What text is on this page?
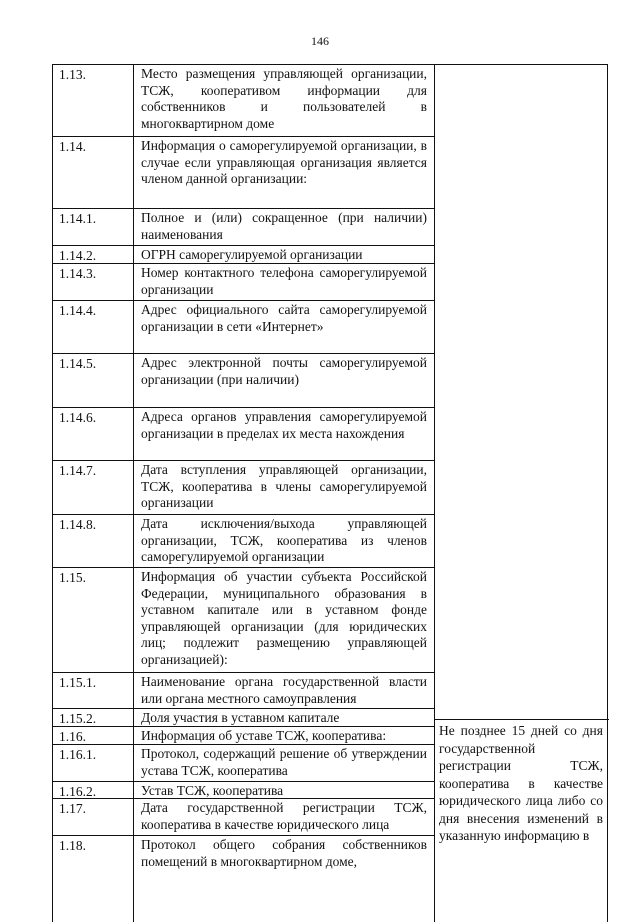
146
1.13.	Место размещения управляющей организации, ТСЖ, кооперативом информации для собственников и пользователей в многоквартирном доме
1.14.	Информация о саморегулируемой организации, в случае если управляющая организация является членом данной организации:
1.14.1.	Полное и (или) сокращенное (при наличии) наименования
1.14.2.	ОГРН саморегулируемой организации
1.14.3.	Номер контактного телефона саморегулируемой организации
1.14.4.	Адрес официального сайта саморегулируемой организации в сети «Интернет»
1.14.5.	Адрес электронной почты саморегулируемой организации (при наличии)
1.14.6.	Адреса органов управления саморегулируемой организации в пределах их места нахождения
1.14.7.	Дата вступления управляющей организации, ТСЖ, кооператива в члены саморегулируемой организации
1.14.8.	Дата исключения/выхода управляющей организации, ТСЖ, кооператива из членов саморегулируемой организации
1.15.	Информация об участии субъекта Российской Федерации, муниципального образования в уставном капитале или в уставном фонде управляющей организации (для юридических лиц; подлежит размещению управляющей организацией):
1.15.1.	Наименование органа государственной власти или органа местного самоуправления
1.15.2.	Доля участия в уставном капитале
1.16.	Информация об уставе ТСЖ, кооператива:
1.16.1.	Протокол, содержащий решение об утверждении устава ТСЖ, кооператива
1.16.2.	Устав ТСЖ, кооператива
1.17.	Дата государственной регистрации ТСЖ, кооператива в качестве юридического лица
1.18.	Протокол общего собрания собственников помещений в многоквартирном доме,
Не позднее 15 дней со дня государственной регистрации ТСЖ, кооператива в качестве юридического лица либо со дня внесения изменений в указанную информацию в
